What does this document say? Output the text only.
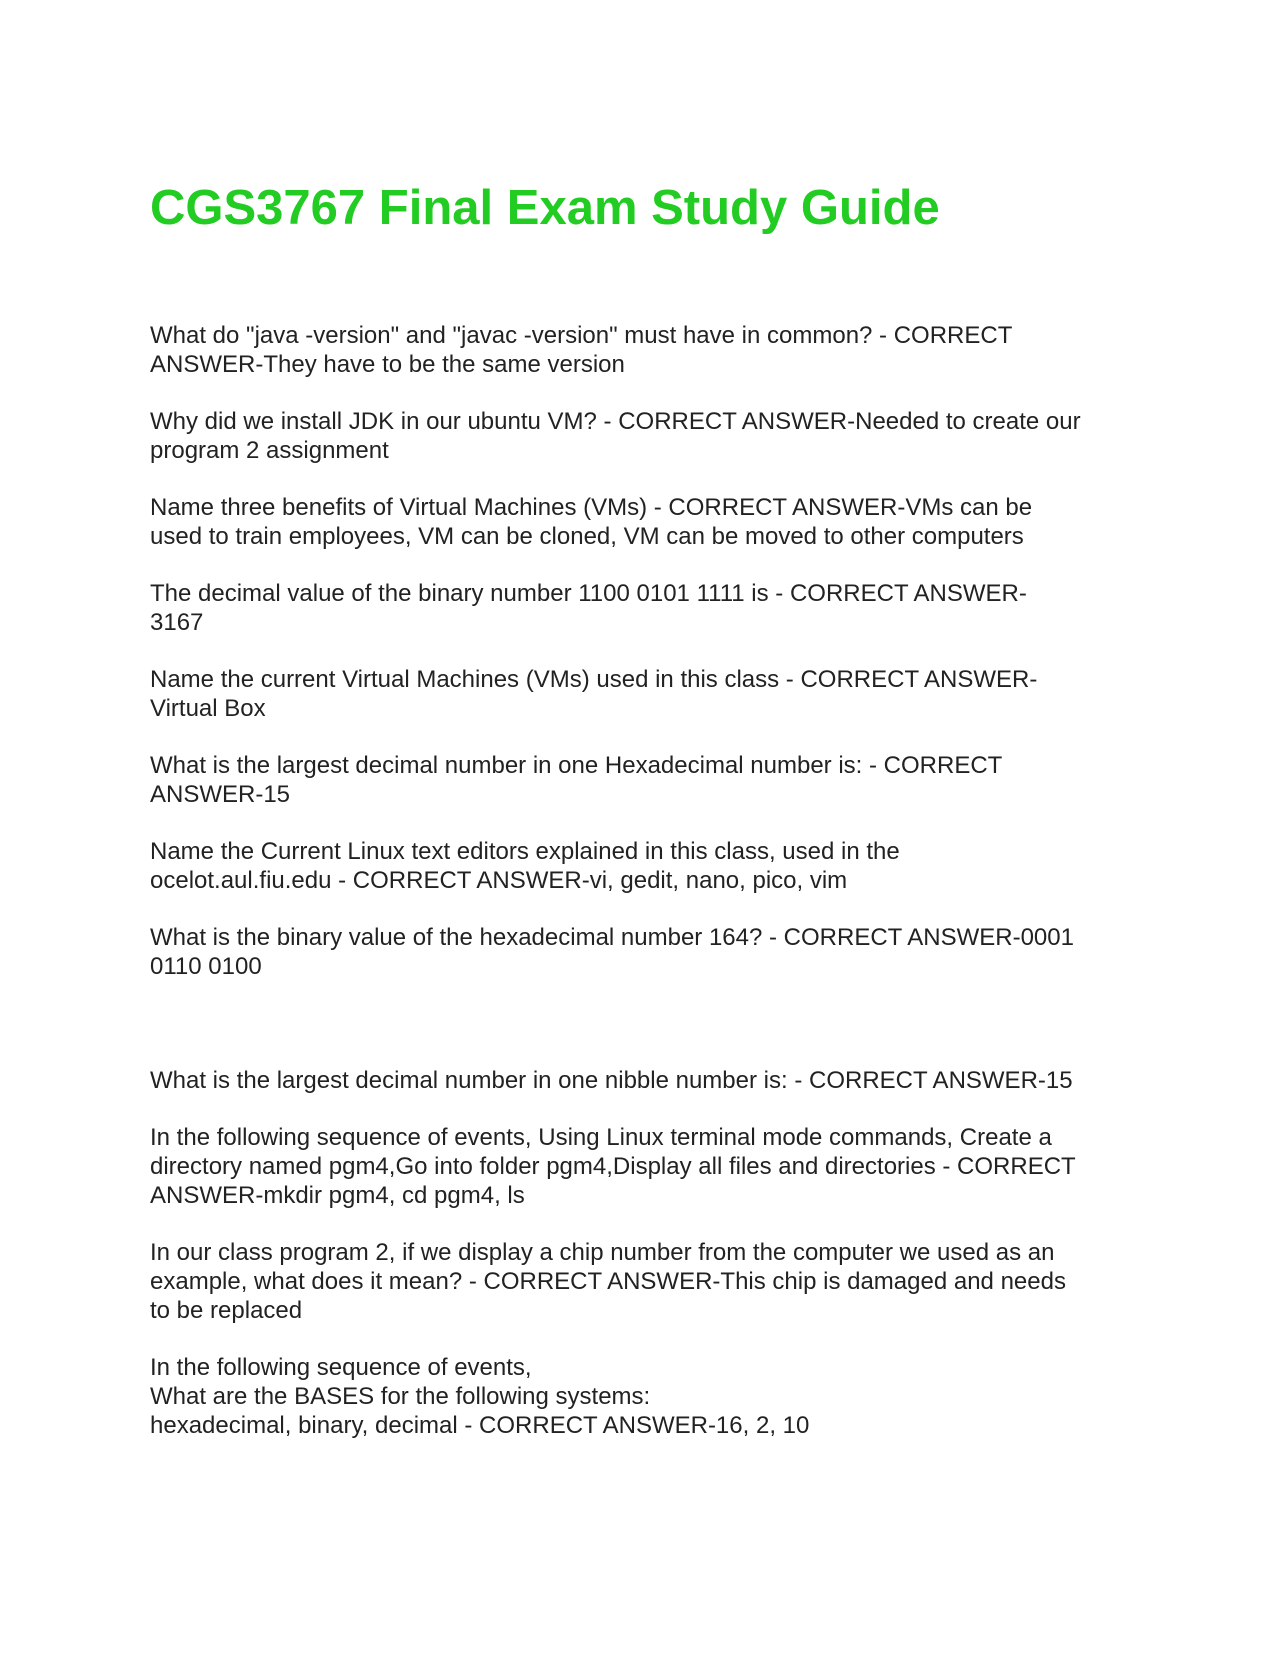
CGS3767 Final Exam Study Guide

What do "java -version" and "javac -version" must have in common? - CORRECT
ANSWER-They have to be the same version

Why did we install JDK in our ubuntu VM? - CORRECT ANSWER-Needed to create our
program 2 assignment

Name three benefits of Virtual Machines (VMs) - CORRECT ANSWER-VMs can be
used to train employees, VM can be cloned, VM can be moved to other computers

The decimal value of the binary number 1100 0101 1111 is - CORRECT ANSWER-
3167

Name the current Virtual Machines (VMs) used in this class - CORRECT ANSWER-
Virtual Box

What is the largest decimal number in one Hexadecimal number is: - CORRECT
ANSWER-15

Name the Current Linux text editors explained in this class, used in the
ocelot.aul.fiu.edu - CORRECT ANSWER-vi, gedit, nano, pico, vim

What is the binary value of the hexadecimal number 164? - CORRECT ANSWER-0001
0110 0100

What is the largest decimal number in one nibble number is: - CORRECT ANSWER-15

In the following sequence of events, Using Linux terminal mode commands, Create a
directory named pgm4,Go into folder pgm4,Display all files and directories - CORRECT
ANSWER-mkdir pgm4, cd pgm4, ls

In our class program 2, if we display a chip number from the computer we used as an
example, what does it mean? - CORRECT ANSWER-This chip is damaged and needs
to be replaced

In the following sequence of events,
What are the BASES for the following systems:
hexadecimal, binary, decimal - CORRECT ANSWER-16, 2, 10
